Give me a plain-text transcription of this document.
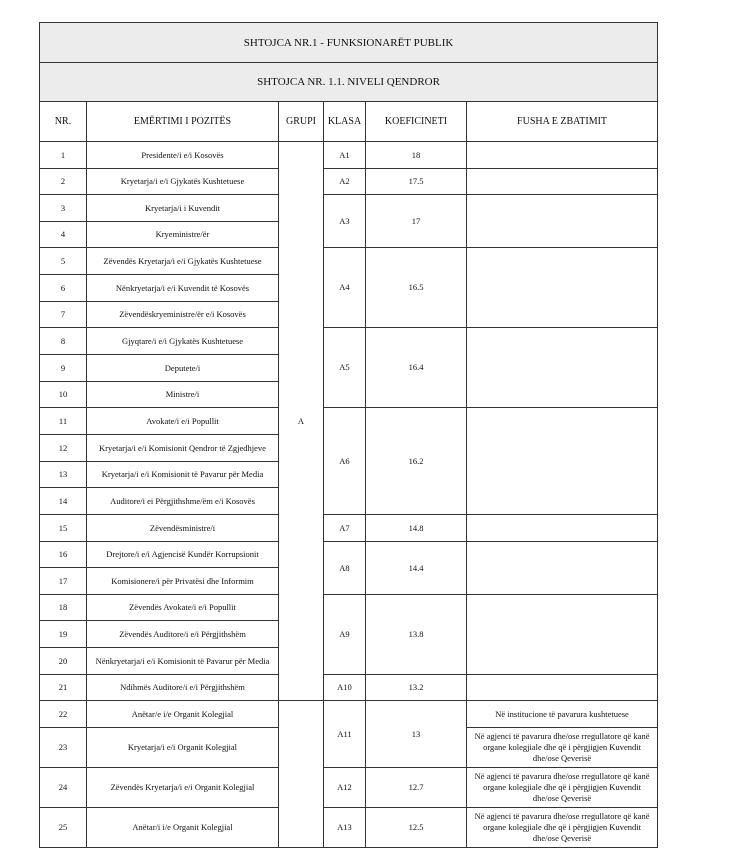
SHTOJCA NR.1 - FUNKSIONARËT PUBLIK					
SHTOJCA NR. 1.1. NIVELI QENDROR					
NR.	EMËRTIMI I POZITËS	GRUPI	KLASA	KOEFICINETI	FUSHA E ZBATIMIT
1	Presidente/i e/i Kosovës	A	A1	18	
2	Kryetarja/i e/i Gjykatës Kushtetuese		A2	17.5	
3	Kryetarja/i i Kuvendit		A3	17	
4	Kryeministre/ër				
5	Zëvendës Kryetarja/i e/i Gjykatës Kushtetuese		A4	16.5	
6	Nënkryetarja/i e/i Kuvendit të Kosovës				
7	Zëvendëskryeministre/ër e/i Kosovës				
8	Gjyqtare/i e/i Gjykatës Kushtetuese		A5	16.4	
9	Deputete/i				
10	Ministre/i				
11	Avokate/i e/i Popullit		A6	16.2	
12	Kryetarja/i e/i Komisionit Qendror të Zgjedhjeve				
13	Kryetarja/i e/i Komisionit të Pavarur për Media				
14	Auditore/i ei Përgjithshme/ëm e/i Kosovës				
15	Zëvendësministre/i		A7	14.8	
16	Drejtore/i e/i Agjencisë Kundër Korrupsionit		A8	14.4	
17	Komisionere/i për Privatësi dhe Informim				
18	Zëvendës Avokate/i e/i Popullit		A9	13.8	
19	Zëvendës Auditore/i e/i Përgjithshëm				
20	Nënkryetarja/i e/i Komisionit të Pavarur për Media				
21	Ndihmës Auditore/i e/i Përgjithshëm		A10	13.2	
22	Anëtar/e i/e Organit Kolegjial		A11	13	Në institucione të pavarura kushtetuese
23	Kryetarja/i e/i Organit Kolegjial				Në agjenci të pavarura dhe/ose rregullatore që kanë organe kolegjiale dhe që i përgjigjen Kuvendit dhe/ose Qeverisë
24	Zëvendës Kryetarja/i e/i Organit Kolegjial		A12	12.7	Në agjenci të pavarura dhe/ose rregullatore që kanë organe kolegjiale dhe që i përgjigjen Kuvendit dhe/ose Qeverisë
25	Anëtar/i i/e Organit Kolegjial		A13	12.5	Në agjenci të pavarura dhe/ose rregullatore që kanë organe kolegjiale dhe që i përgjigjen Kuvendit dhe/ose Qeverisë
